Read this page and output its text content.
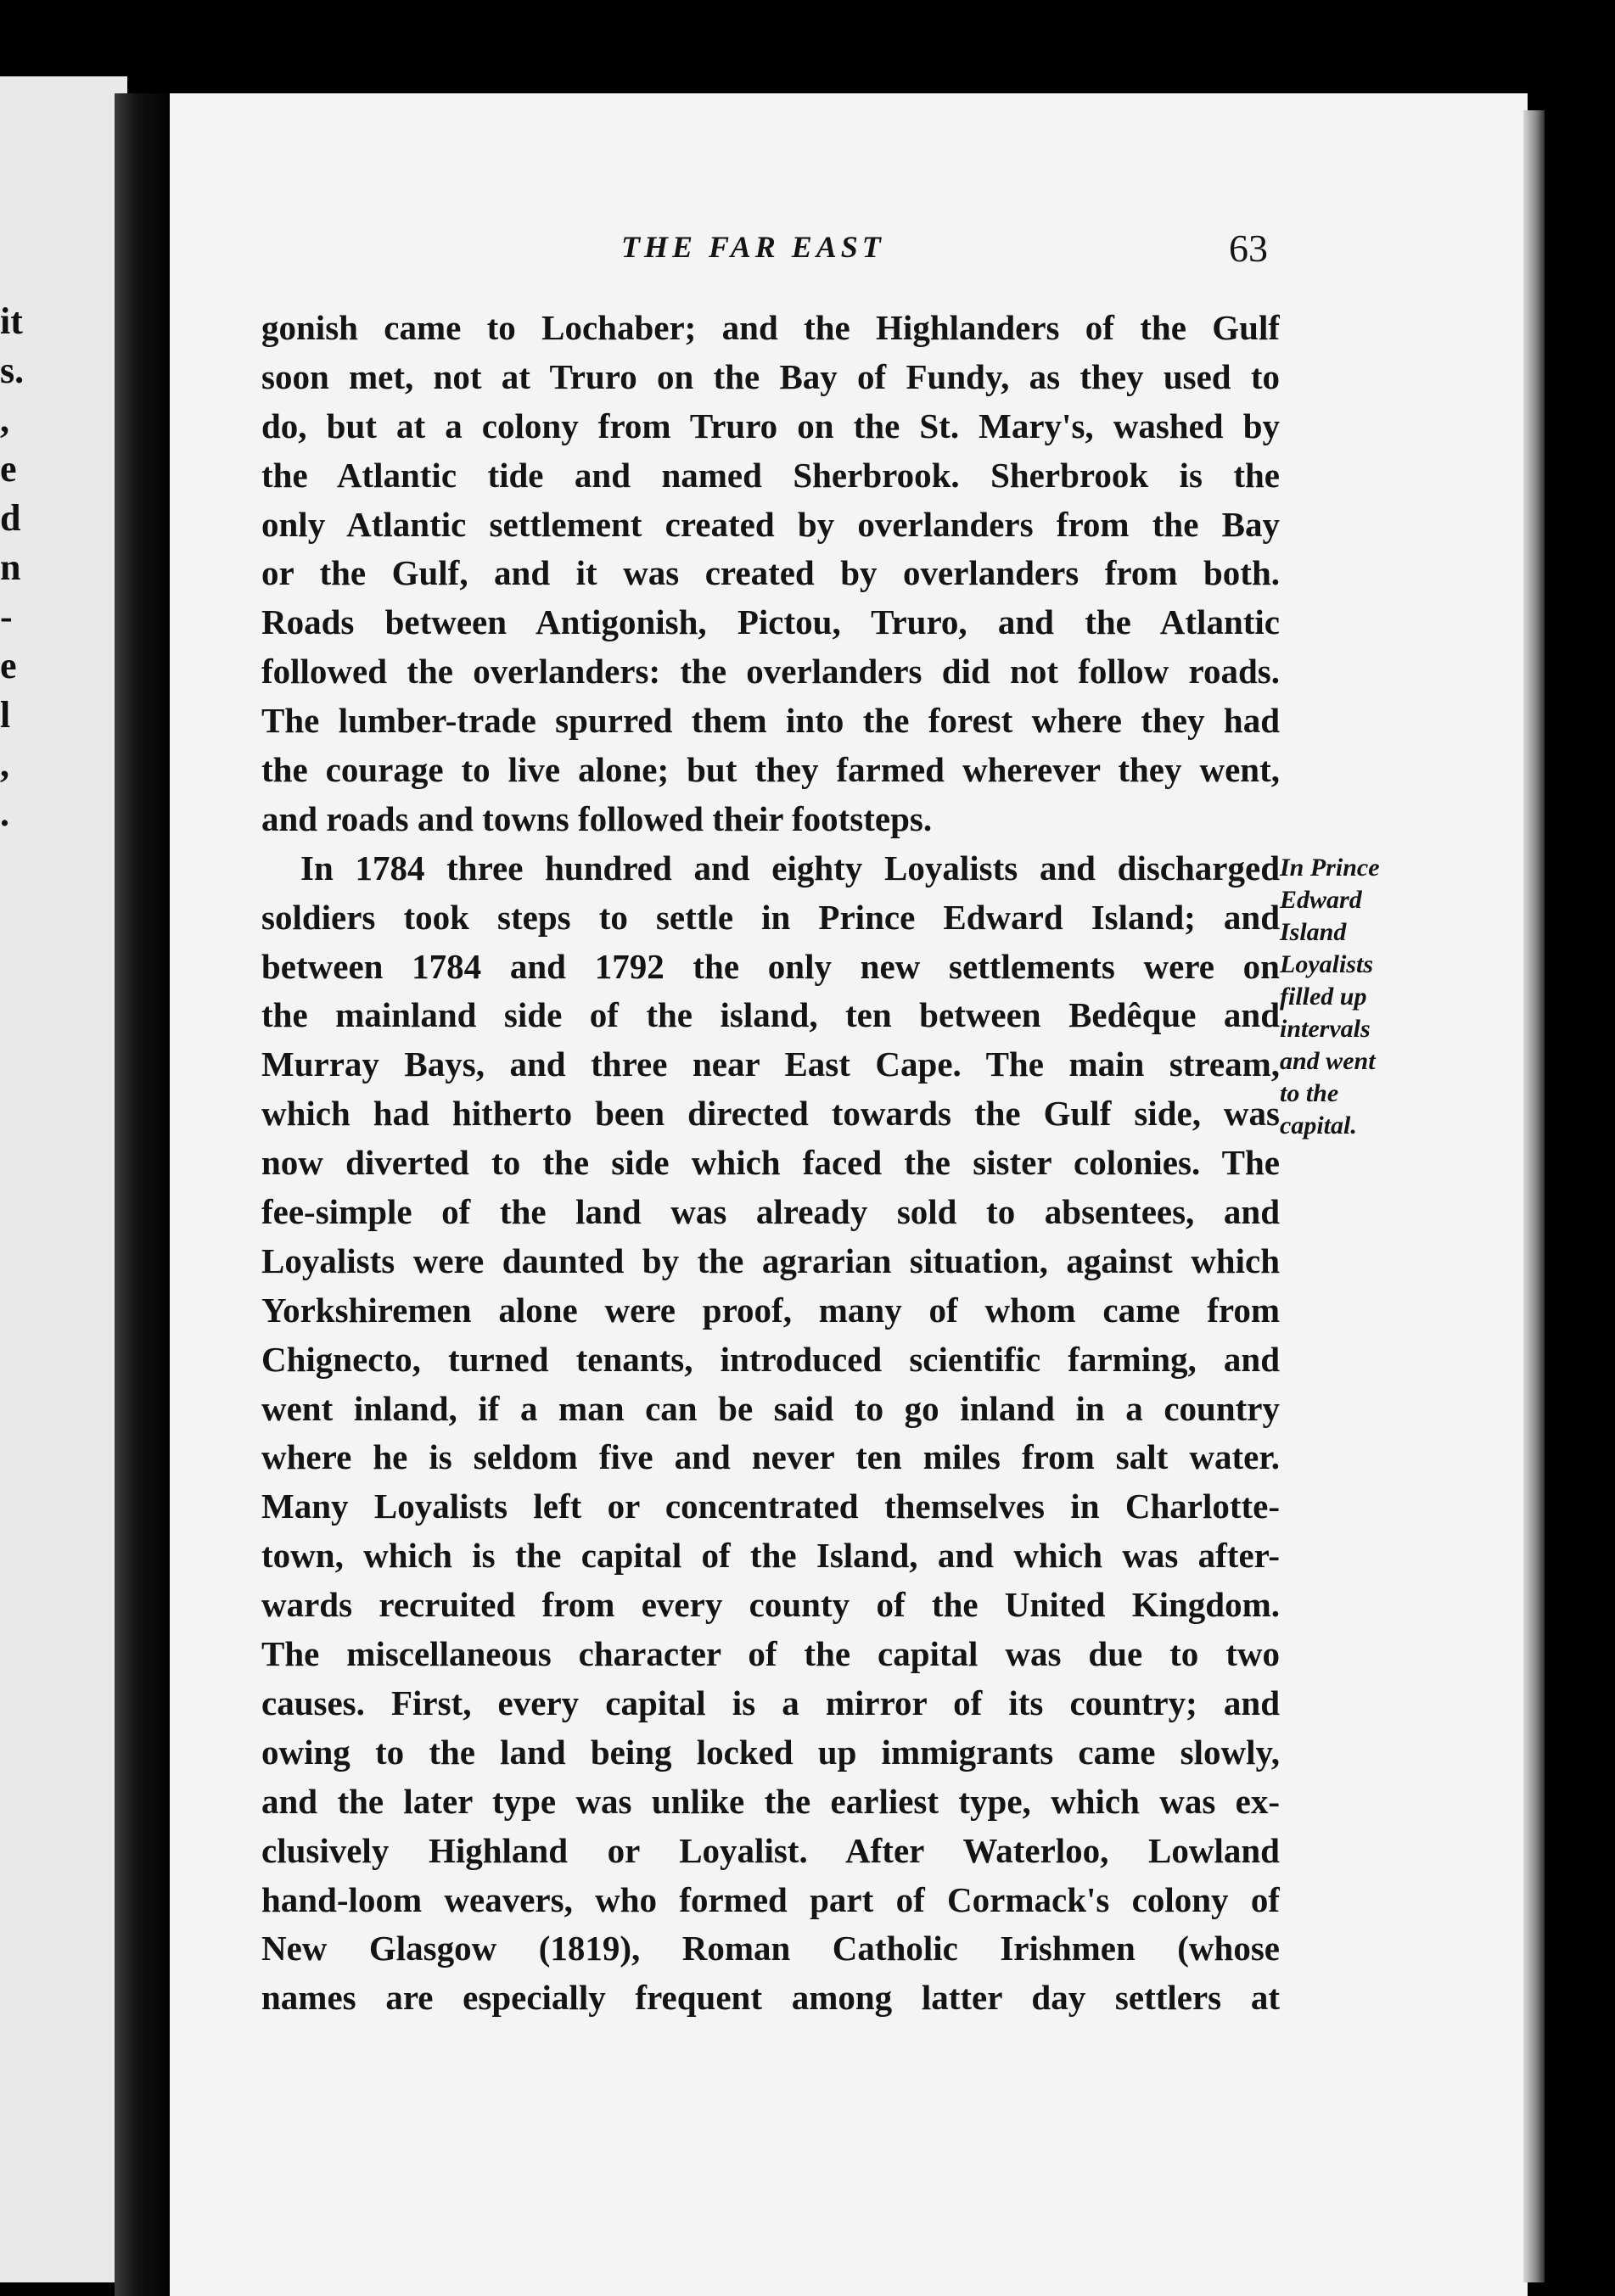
it
s.
,
e
d
n
-
e
l
,
.
THE FAR EAST	63
gonish came to Lochaber; and the Highlanders of the Gulf
soon met, not at Truro on the Bay of Fundy, as they used to
do, but at a colony from Truro on the St. Mary's, washed by
the Atlantic tide and named Sherbrook. Sherbrook is the
only Atlantic settlement created by overlanders from the Bay
or the Gulf, and it was created by overlanders from both.
Roads between Antigonish, Pictou, Truro, and the Atlantic
followed the overlanders: the overlanders did not follow roads.
The lumber-trade spurred them into the forest where they had
the courage to live alone; but they farmed wherever they went,
and roads and towns followed their footsteps.
In 1784 three hundred and eighty Loyalists and discharged
soldiers took steps to settle in Prince Edward Island; and
between 1784 and 1792 the only new settlements were on
the mainland side of the island, ten between Bedêque and
Murray Bays, and three near East Cape. The main stream,
which had hitherto been directed towards the Gulf side, was
now diverted to the side which faced the sister colonies. The
fee-simple of the land was already sold to absentees, and
Loyalists were daunted by the agrarian situation, against which
Yorkshiremen alone were proof, many of whom came from
Chignecto, turned tenants, introduced scientific farming, and
went inland, if a man can be said to go inland in a country
where he is seldom five and never ten miles from salt water.
Many Loyalists left or concentrated themselves in Charlotte-
town, which is the capital of the Island, and which was after-
wards recruited from every county of the United Kingdom.
The miscellaneous character of the capital was due to two
causes. First, every capital is a mirror of its country; and
owing to the land being locked up immigrants came slowly,
and the later type was unlike the earliest type, which was ex-
clusively Highland or Loyalist. After Waterloo, Lowland
hand-loom weavers, who formed part of Cormack's colony of
New Glasgow (1819), Roman Catholic Irishmen (whose
names are especially frequent among latter day settlers at
In Prince
Edward
Island
Loyalists
filled up
intervals
and went
to the
capital.
